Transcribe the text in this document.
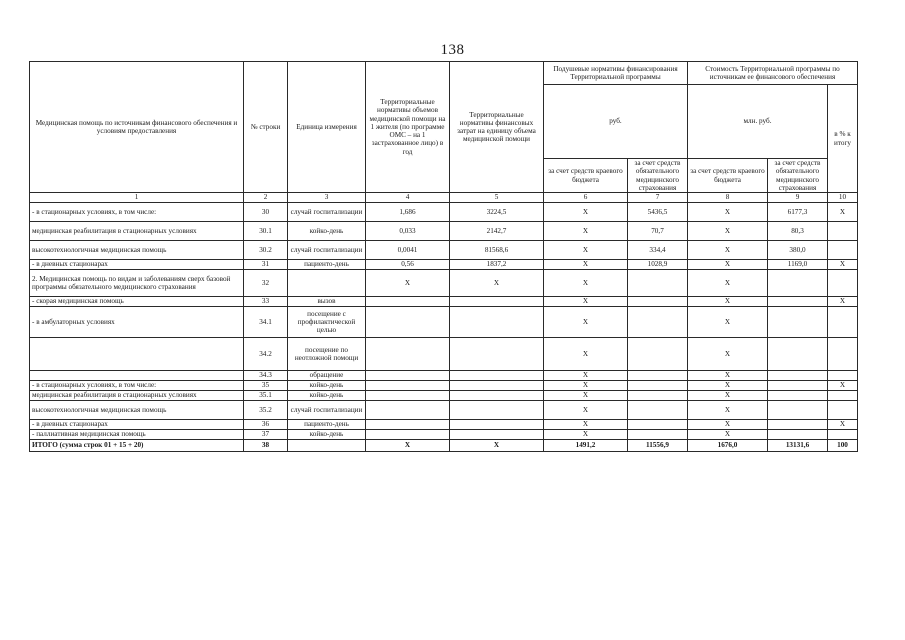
138
Медицинская помощь по источникам финансового обеспечения и условиям предоставления	№ строки	Единица измерения	Территориальные нормативы объемов медицинской помощи на 1 жителя (по программе ОМС – на 1 застрахованное лицо) в год	Территориальные нормативы финансовых затрат на единицу объема медицинской помощи	Подушевые нормативы финансирования Территориальной программы		Стоимость Территориальной программы по источникам ее финансового обеспечения		
					руб.		млн. руб.		в % к итогу
					за счет средств краевого бюджета	за счет средств обязательного медицинского страхования	за счет средств краевого бюджета	за счет средств обязательного медицинского страхования	
1	2	3	4	5	6	7	8	9	10
- в стационарных условиях, в том числе:	30	случай госпитализации	1,686	3224,5	X	5436,5	X	6177,3	X
медицинская реабилитация в стационарных условиях	30.1	койко-день	0,033	2142,7	X	70,7	X	80,3	
высокотехнологичная медицинская помощь	30.2	случай госпитализации	0,0041	81568,6	X	334,4	X	380,0	
- в дневных стационарах	31	пациенто-день	0,56	1837,2	X	1028,9	X	1169,0	X
2. Медицинская помощь по видам и заболеваниям сверх базовой программы обязательного медицинского страхования	32		X	X	X		X		
- скорая медицинская помощь	33	вызов			X		X		X
- в амбулаторных условиях	34.1	посещение с профилактической целью			X		X		
	34.2	посещение по неотложной помощи			X		X		
	34.3	обращение			X		X		
- в стационарных условиях, в том числе:	35	койко-день			X		X		X
медицинская реабилитация в стационарных условиях	35.1	койко-день			X		X		
высокотехнологичная медицинская помощь	35.2	случай госпитализации			X		X		
- в дневных стационарах	36	пациенто-день			X		X		X
- паллиативная медицинская помощь	37	койко-день			X		X		
ИТОГО (сумма строк 01 + 15 + 20)	38		X	X	1491,2	11556,9	1676,0	13131,6	100
